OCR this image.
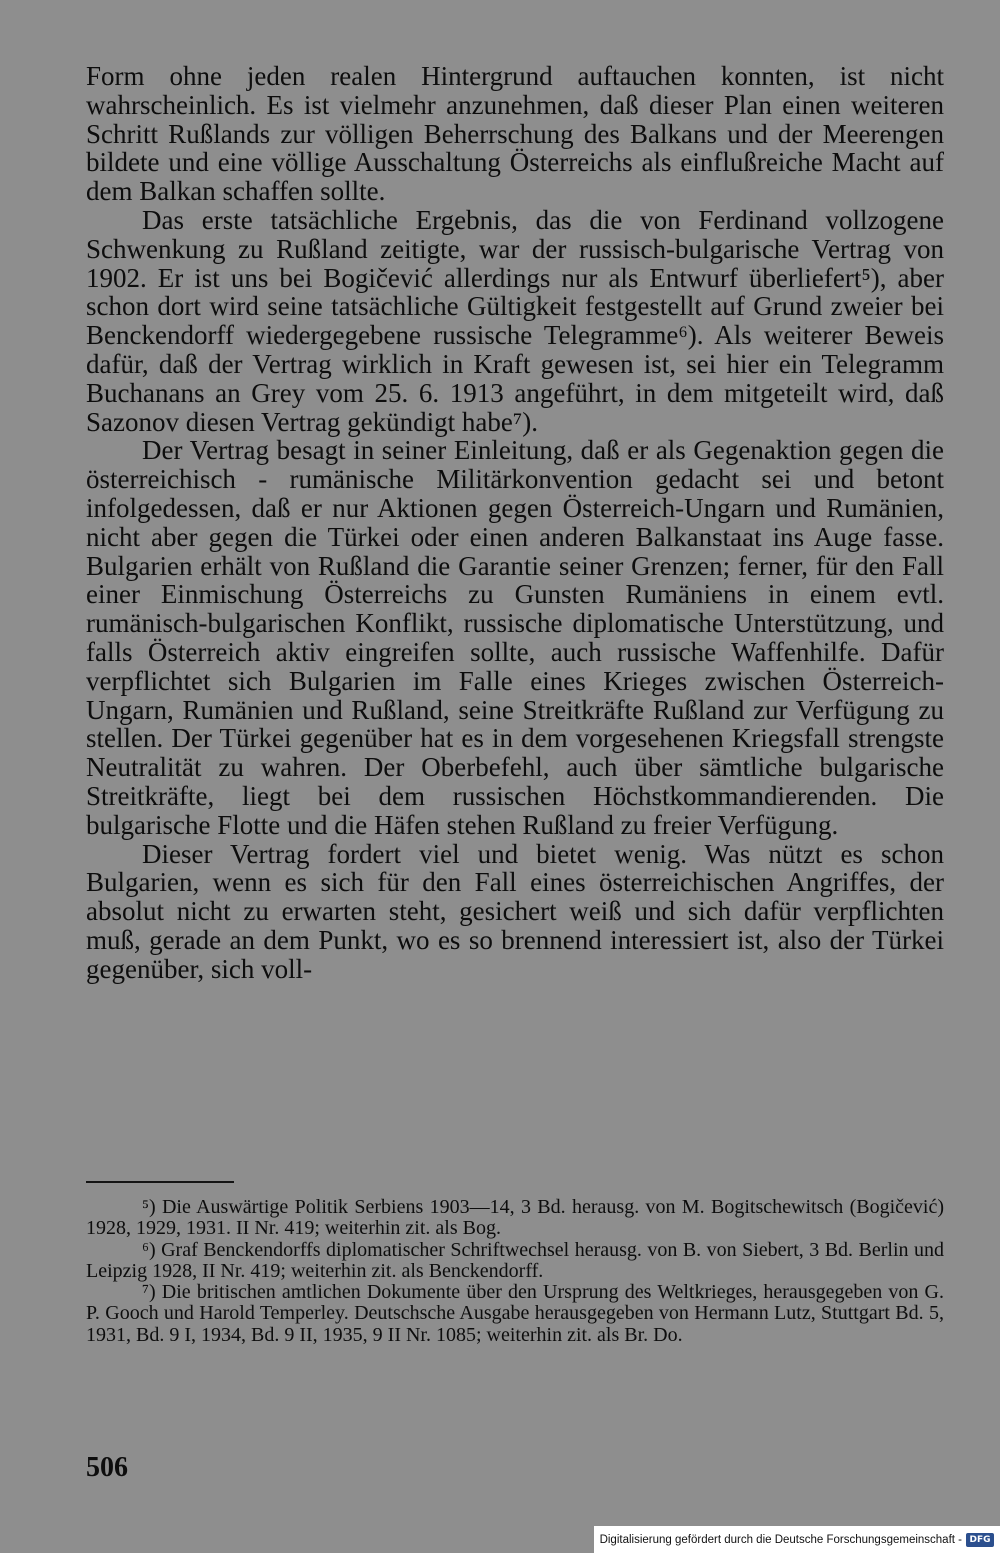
Form ohne jeden realen Hintergrund auftauchen konnten, ist nicht wahrscheinlich. Es ist vielmehr anzunehmen, daß dieser Plan einen weiteren Schritt Rußlands zur völligen Beherrschung des Balkans und der Meerengen bildete und eine völlige Ausschaltung Österreichs als einflußreiche Macht auf dem Balkan schaffen sollte.

Das erste tatsächliche Ergebnis, das die von Ferdinand vollzogene Schwenkung zu Rußland zeitigte, war der russisch-bulgarische Vertrag von 1902. Er ist uns bei Bogičević allerdings nur als Entwurf überliefert⁵), aber schon dort wird seine tatsächliche Gültigkeit festgestellt auf Grund zweier bei Benckendorff wiedergegebene russische Telegramme⁶). Als weiterer Beweis dafür, daß der Vertrag wirklich in Kraft gewesen ist, sei hier ein Telegramm Buchanans an Grey vom 25. 6. 1913 angeführt, in dem mitgeteilt wird, daß Sazonov diesen Vertrag gekündigt habe⁷).

Der Vertrag besagt in seiner Einleitung, daß er als Gegenaktion gegen die österreichisch - rumänische Militärkonvention gedacht sei und betont infolgedessen, daß er nur Aktionen gegen Österreich-Ungarn und Rumänien, nicht aber gegen die Türkei oder einen anderen Balkanstaat ins Auge fasse. Bulgarien erhält von Rußland die Garantie seiner Grenzen; ferner, für den Fall einer Einmischung Österreichs zu Gunsten Rumäniens in einem evtl. rumänisch-bulgarischen Konflikt, russische diplomatische Unterstützung, und falls Österreich aktiv eingreifen sollte, auch russische Waffenhilfe. Dafür verpflichtet sich Bulgarien im Falle eines Krieges zwischen Österreich-Ungarn, Rumänien und Rußland, seine Streitkräfte Rußland zur Verfügung zu stellen. Der Türkei gegenüber hat es in dem vorgesehenen Kriegsfall strengste Neutralität zu wahren. Der Oberbefehl, auch über sämtliche bulgarische Streitkräfte, liegt bei dem russischen Höchstkommandierenden. Die bulgarische Flotte und die Häfen stehen Rußland zu freier Verfügung.

Dieser Vertrag fordert viel und bietet wenig. Was nützt es schon Bulgarien, wenn es sich für den Fall eines österreichischen Angriffes, der absolut nicht zu erwarten steht, gesichert weiß und sich dafür verpflichten muß, gerade an dem Punkt, wo es so brennend interessiert ist, also der Türkei gegenüber, sich voll-

⁵) Die Auswärtige Politik Serbiens 1903—14, 3 Bd. herausg. von M. Bogitschewitsch (Bogičević) 1928, 1929, 1931. II Nr. 419; weiterhin zit. als Bog.

⁶) Graf Benckendorffs diplomatischer Schriftwechsel herausg. von B. von Siebert, 3 Bd. Berlin und Leipzig 1928, II Nr. 419; weiterhin zit. als Benckendorff.

⁷) Die britischen amtlichen Dokumente über den Ursprung des Weltkrieges, herausgegeben von G. P. Gooch und Harold Temperley. Deutschsche Ausgabe herausgegeben von Hermann Lutz, Stuttgart Bd. 5, 1931, Bd. 9 I, 1934, Bd. 9 II, 1935, 9 II Nr. 1085; weiterhin zit. als Br. Do.

506
Digitalisierung gefördert durch die Deutsche Forschungsgemeinschaft - DFG
